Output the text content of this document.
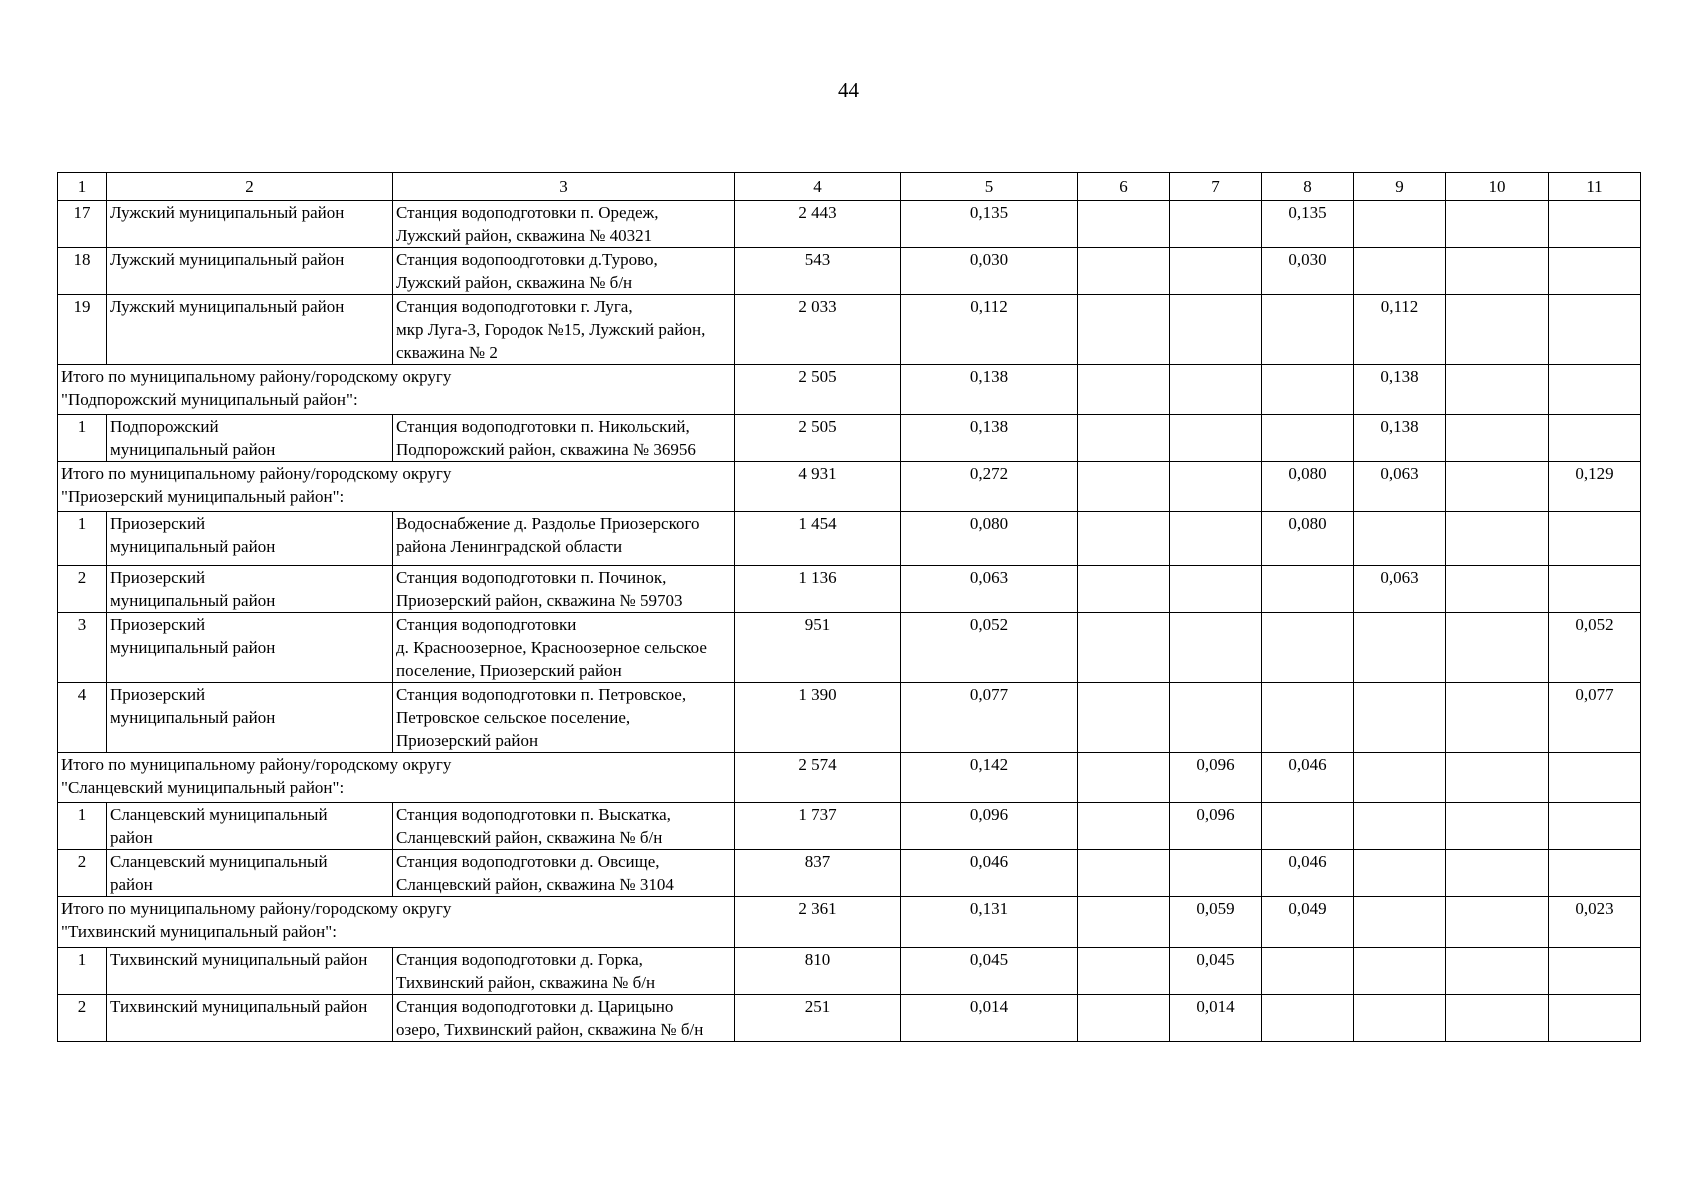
44
1	2	3	4	5	6	7	8	9	10	11
17	Лужский муниципальный район	Станция водоподготовки п. Оредеж,
Лужский район, скважина № 40321	2 443	0,135			0,135			
18	Лужский муниципальный район	Станция водопоодготовки д.Турово,
Лужский район, скважина № б/н	543	0,030			0,030			
19	Лужский муниципальный район	Станция водоподготовки г. Луга,
мкр Луга-3, Городок №15, Лужский район,
скважина № 2	2 033	0,112				0,112		
Итого по муниципальному району/городскому округу
"Подпорожский муниципальный район":			2 505	0,138				0,138		
1	Подпорожский
муниципальный район	Станция водоподготовки п. Никольский,
Подпорожский район, скважина № 36956	2 505	0,138				0,138		
Итого по муниципальному району/городскому округу
"Приозерский муниципальный район":			4 931	0,272			0,080	0,063		0,129
1	Приозерский
муниципальный район	Водоснабжение д. Раздолье Приозерского
района Ленинградской области	1 454	0,080			0,080			
2	Приозерский
муниципальный район	Станция водоподготовки п. Починок,
Приозерский район, скважина № 59703	1 136	0,063				0,063		
3	Приозерский
муниципальный район	Станция водоподготовки
д. Красноозерное, Красноозерное сельское
поселение, Приозерский район	951	0,052						0,052
4	Приозерский
муниципальный район	Станция водоподготовки п. Петровское,
Петровское сельское поселение,
Приозерский район	1 390	0,077						0,077
Итого по муниципальному району/городскому округу
"Сланцевский муниципальный район":			2 574	0,142		0,096	0,046			
1	Сланцевский муниципальный
район	Станция водоподготовки п. Выскатка,
Сланцевский район, скважина № б/н	1 737	0,096		0,096				
2	Сланцевский муниципальный
район	Станция водоподготовки д. Овсище,
Сланцевский район, скважина № 3104	837	0,046			0,046			
Итого по муниципальному району/городскому округу
"Тихвинский муниципальный район":			2 361	0,131		0,059	0,049			0,023
1	Тихвинский муниципальный район	Станция водоподготовки д. Горка,
Тихвинский район, скважина № б/н	810	0,045		0,045				
2	Тихвинский муниципальный район	Станция водоподготовки д. Царицыно
озеро, Тихвинский район, скважина № б/н	251	0,014		0,014				
